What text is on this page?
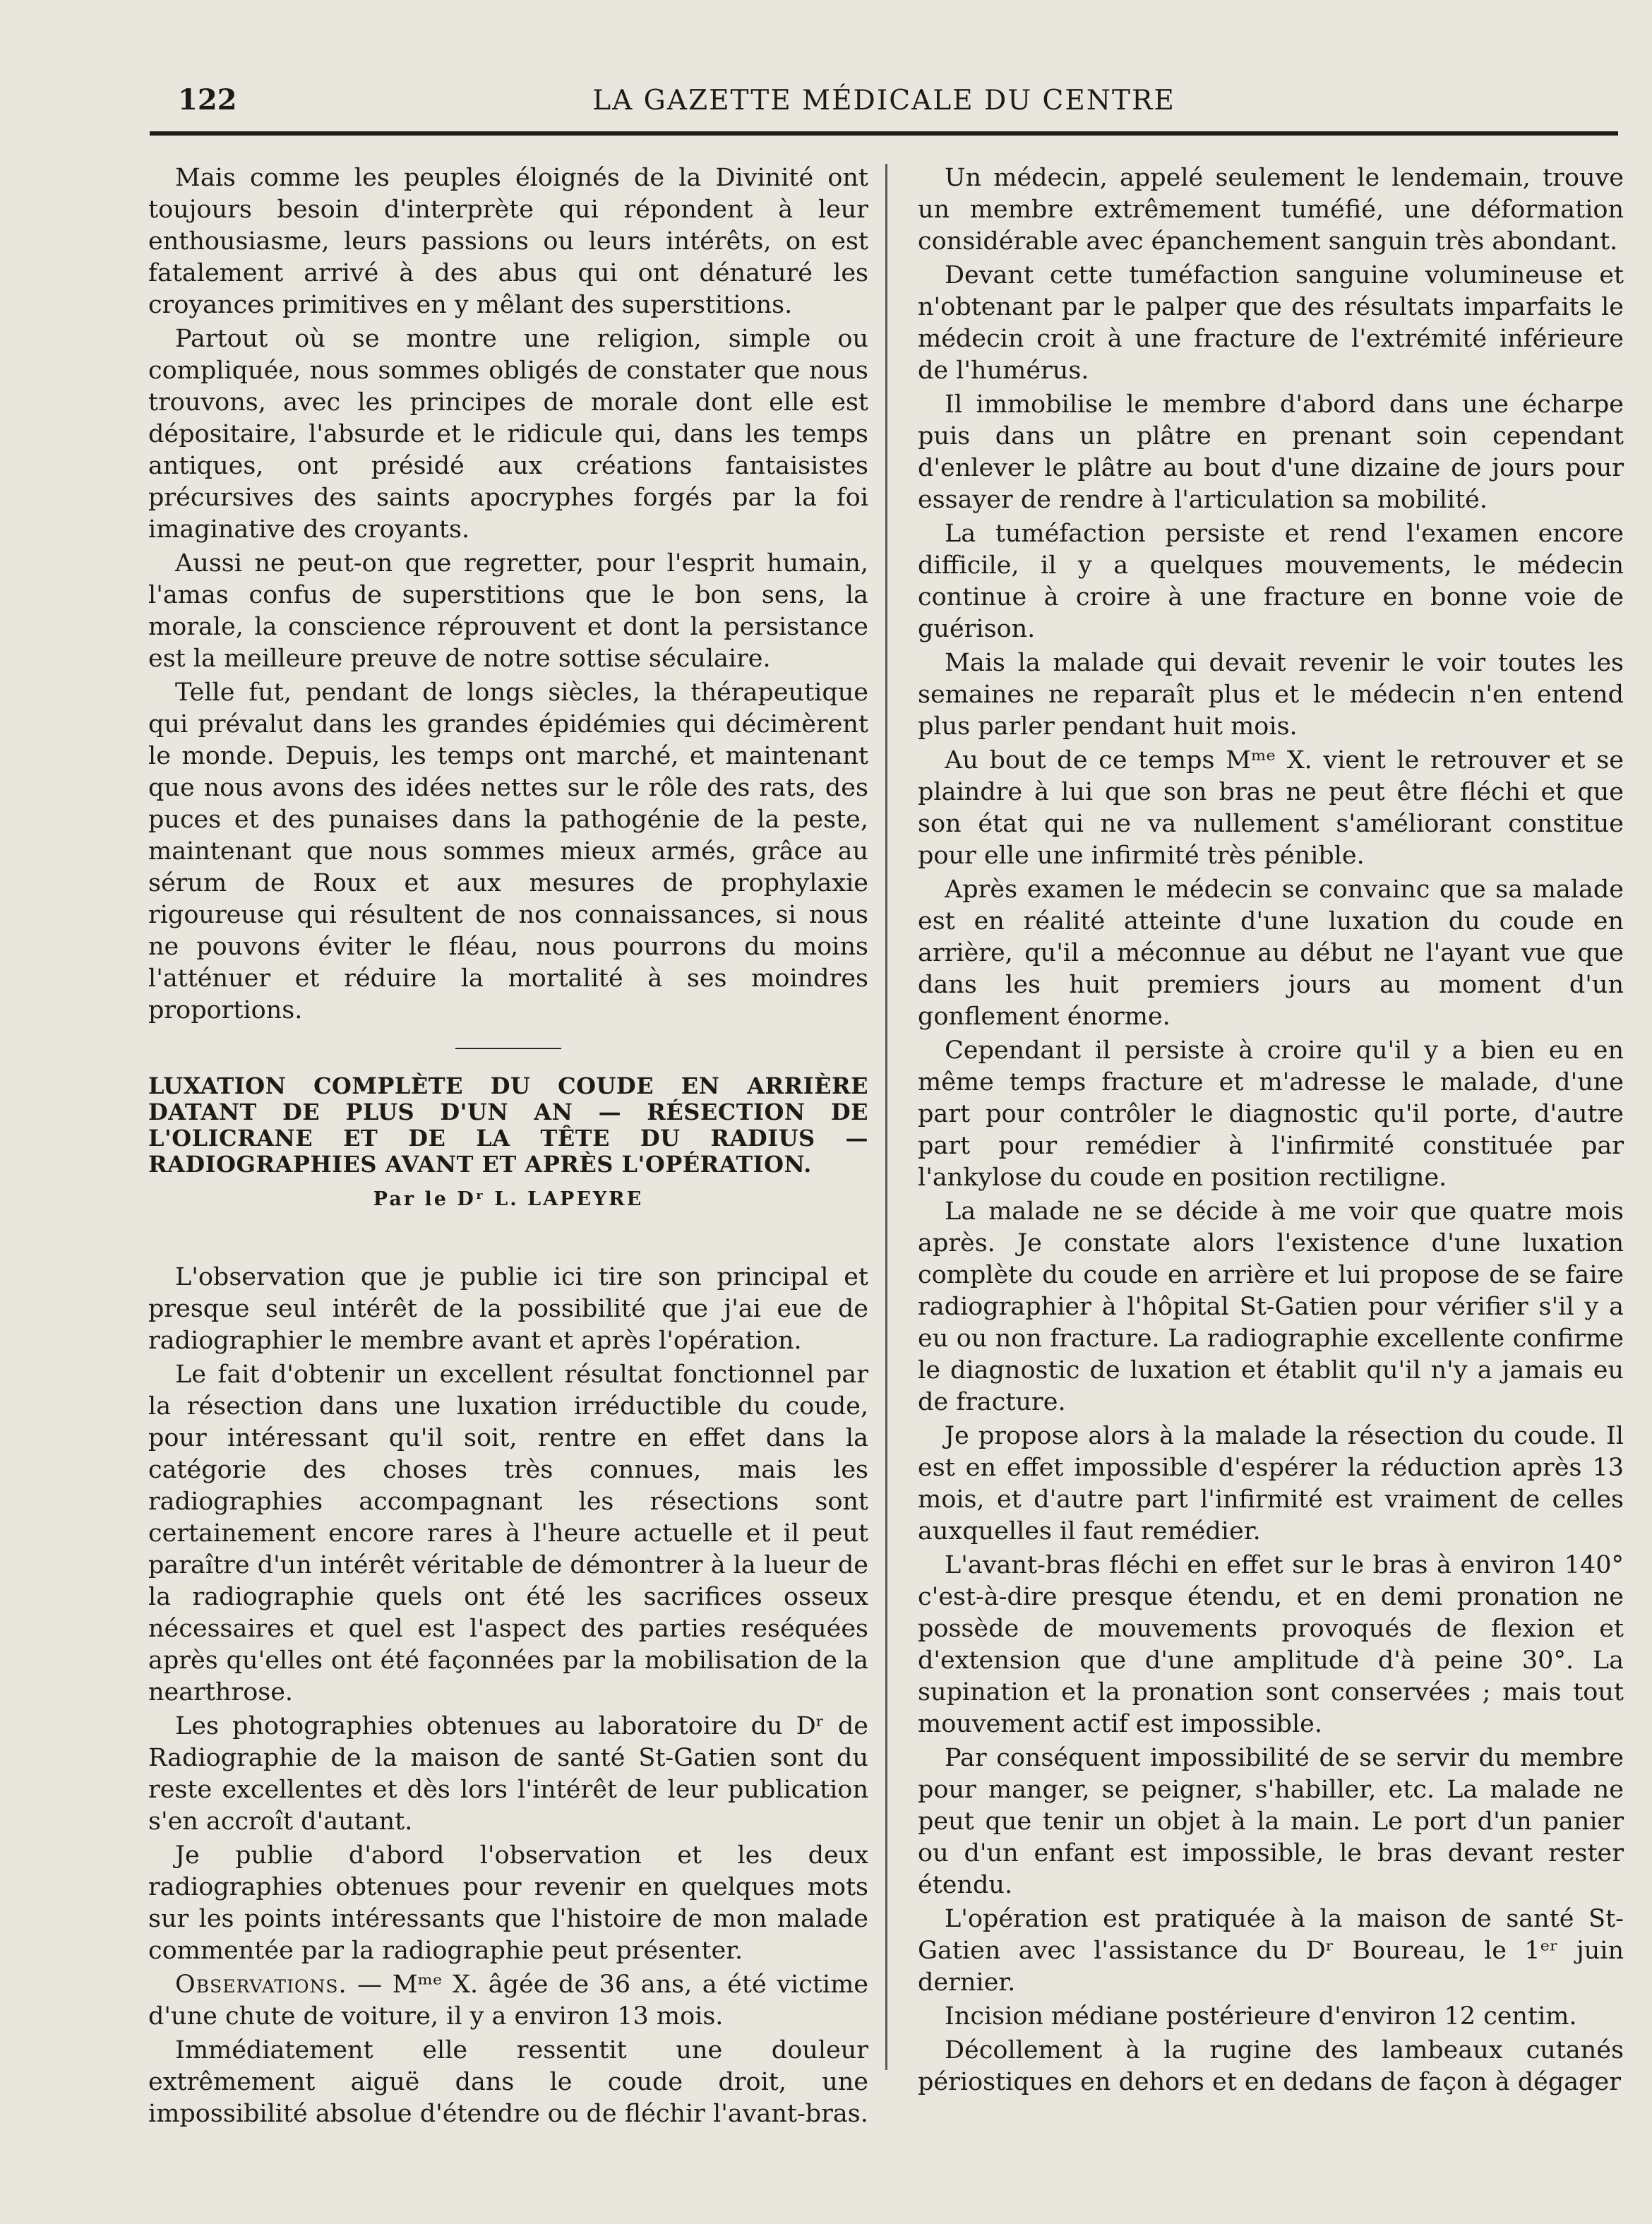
122	LA GAZETTE MÉDICALE DU CENTRE

Mais comme les peuples éloignés de la Divinité ont toujours besoin d'interprète qui répondent à leur enthousiasme, leurs passions ou leurs intérêts, on est fatalement arrivé à des abus qui ont dénaturé les croyances primitives en y mêlant des superstitions.

Partout où se montre une religion, simple ou compliquée, nous sommes obligés de constater que nous trouvons, avec les principes de morale dont elle est dépositaire, l'absurde et le ridicule qui, dans les temps antiques, ont présidé aux créations fantaisistes précursives des saints apocryphes forgés par la foi imaginative des croyants.

Aussi ne peut-on que regretter, pour l'esprit humain, l'amas confus de superstitions que le bon sens, la morale, la conscience réprouvent et dont la persistance est la meilleure preuve de notre sottise séculaire.

Telle fut, pendant de longs siècles, la thérapeutique qui prévalut dans les grandes épidémies qui décimèrent le monde. Depuis, les temps ont marché, et maintenant que nous avons des idées nettes sur le rôle des rats, des puces et des punaises dans la pathogénie de la peste, maintenant que nous sommes mieux armés, grâce au sérum de Roux et aux mesures de prophylaxie rigoureuse qui résultent de nos connaissances, si nous ne pouvons éviter le fléau, nous pourrons du moins l'atténuer et réduire la mortalité à ses moindres proportions.

LUXATION COMPLÈTE DU COUDE EN ARRIÈRE DATANT DE PLUS D'UN AN — RÉSECTION DE L'OLICRANE ET DE LA TÊTE DU RADIUS — RADIOGRAPHIES AVANT ET APRÈS L'OPÉRATION.
Par le Dʳ L. LAPEYRE

L'observation que je publie ici tire son principal et presque seul intérêt de la possibilité que j'ai eue de radiographier le membre avant et après l'opération.

Le fait d'obtenir un excellent résultat fonctionnel par la résection dans une luxation irréductible du coude, pour intéressant qu'il soit, rentre en effet dans la catégorie des choses très connues, mais les radiographies accompagnant les résections sont certainement encore rares à l'heure actuelle et il peut paraître d'un intérêt véritable de démontrer à la lueur de la radiographie quels ont été les sacrifices osseux nécessaires et quel est l'aspect des parties reséquées après qu'elles ont été façonnées par la mobilisation de la nearthrose.

Les photographies obtenues au laboratoire du Dʳ de Radiographie de la maison de santé St-Gatien sont du reste excellentes et dès lors l'intérêt de leur publication s'en accroît d'autant.

Je publie d'abord l'observation et les deux radiographies obtenues pour revenir en quelques mots sur les points intéressants que l'histoire de mon malade commentée par la radiographie peut présenter.

Observations. — Mᵐᵉ X. âgée de 36 ans, a été victime d'une chute de voiture, il y a environ 13 mois.

Immédiatement elle ressentit une douleur extrêmement aiguë dans le coude droit, une impossibilité absolue d'étendre ou de fléchir l'avant-bras.

Un médecin, appelé seulement le lendemain, trouve un membre extrêmement tuméfié, une déformation considérable avec épanchement sanguin très abondant.

Devant cette tuméfaction sanguine volumineuse et n'obtenant par le palper que des résultats imparfaits le médecin croit à une fracture de l'extrémité inférieure de l'humérus.

Il immobilise le membre d'abord dans une écharpe puis dans un plâtre en prenant soin cependant d'enlever le plâtre au bout d'une dizaine de jours pour essayer de rendre à l'articulation sa mobilité.

La tuméfaction persiste et rend l'examen encore difficile, il y a quelques mouvements, le médecin continue à croire à une fracture en bonne voie de guérison.

Mais la malade qui devait revenir le voir toutes les semaines ne reparaît plus et le médecin n'en entend plus parler pendant huit mois.

Au bout de ce temps Mᵐᵉ X. vient le retrouver et se plaindre à lui que son bras ne peut être fléchi et que son état qui ne va nullement s'améliorant constitue pour elle une infirmité très pénible.

Après examen le médecin se convainc que sa malade est en réalité atteinte d'une luxation du coude en arrière, qu'il a méconnue au début ne l'ayant vue que dans les huit premiers jours au moment d'un gonflement énorme.

Cependant il persiste à croire qu'il y a bien eu en même temps fracture et m'adresse le malade, d'une part pour contrôler le diagnostic qu'il porte, d'autre part pour remédier à l'infirmité constituée par l'ankylose du coude en position rectiligne.

La malade ne se décide à me voir que quatre mois après. Je constate alors l'existence d'une luxation complète du coude en arrière et lui propose de se faire radiographier à l'hôpital St-Gatien pour vérifier s'il y a eu ou non fracture. La radiographie excellente confirme le diagnostic de luxation et établit qu'il n'y a jamais eu de fracture.

Je propose alors à la malade la résection du coude. Il est en effet impossible d'espérer la réduction après 13 mois, et d'autre part l'infirmité est vraiment de celles auxquelles il faut remédier.

L'avant-bras fléchi en effet sur le bras à environ 140° c'est-à-dire presque étendu, et en demi pronation ne possède de mouvements provoqués de flexion et d'extension que d'une amplitude d'à peine 30°. La supination et la pronation sont conservées ; mais tout mouvement actif est impossible.

Par conséquent impossibilité de se servir du membre pour manger, se peigner, s'habiller, etc. La malade ne peut que tenir un objet à la main. Le port d'un panier ou d'un enfant est impossible, le bras devant rester étendu.

L'opération est pratiquée à la maison de santé St-Gatien avec l'assistance du Dʳ Boureau, le 1ᵉʳ juin dernier.

Incision médiane postérieure d'environ 12 centim.

Décollement à la rugine des lambeaux cutanés périostiques en dehors et en dedans de façon à dégager
